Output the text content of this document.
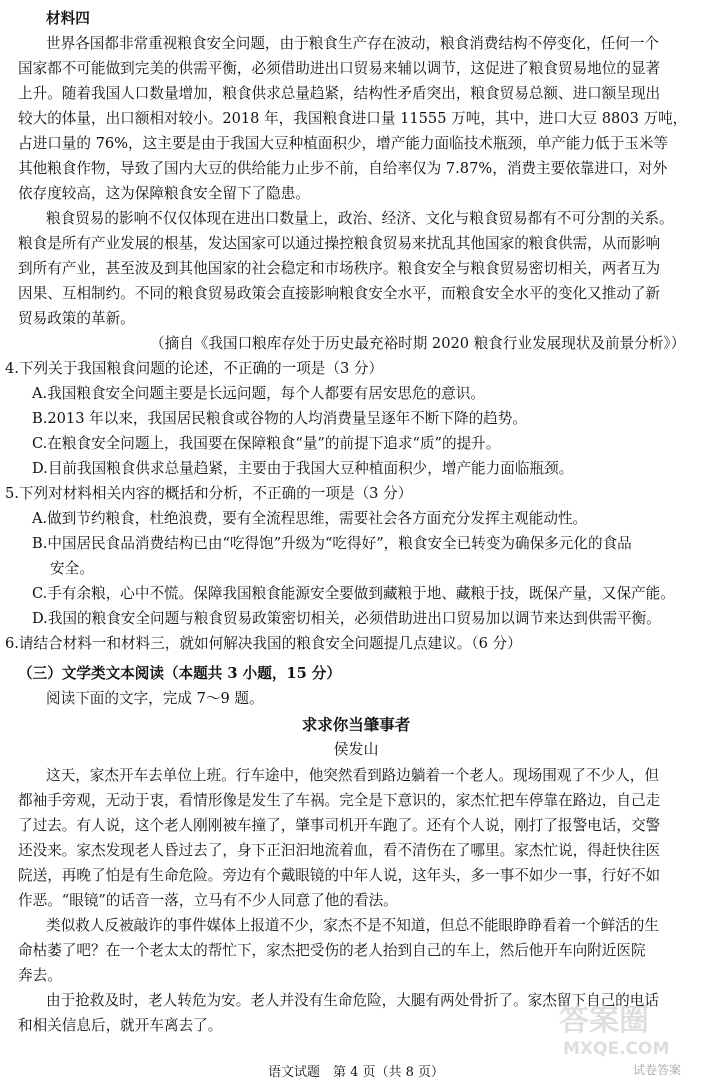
材料四

世界各国都非常重视粮食安全问题，由于粮食生产存在波动，粮食消费结构不停变化，任何一个

国家都不可能做到完美的供需平衡，必须借助进出口贸易来辅以调节，这促进了粮食贸易地位的显著

上升。随着我国人口数量增加，粮食供求总量趋紧，结构性矛盾突出，粮食贸易总额、进口额呈现出

较大的体量，出口额相对较小。2018 年，我国粮食进口量 11555 万吨，其中，进口大豆 8803 万吨，

占进口量的 76%，这主要是由于我国大豆种植面积少，增产能力面临技术瓶颈，单产能力低于玉米等

其他粮食作物，导致了国内大豆的供给能力止步不前，自给率仅为 7.87%，消费主要依靠进口，对外

依存度较高，这为保障粮食安全留下了隐患。

粮食贸易的影响不仅仅体现在进出口数量上，政治、经济、文化与粮食贸易都有不可分割的关系。

粮食是所有产业发展的根基，发达国家可以通过操控粮食贸易来扰乱其他国家的粮食供需，从而影响

到所有产业，甚至波及到其他国家的社会稳定和市场秩序。粮食安全与粮食贸易密切相关，两者互为

因果、互相制约。不同的粮食贸易政策会直接影响粮食安全水平，而粮食安全水平的变化又推动了新

贸易政策的革新。

（摘自《我国口粮库存处于历史最充裕时期 2020 粮食行业发展现状及前景分析》）

4.下列关于我国粮食问题的论述，不正确的一项是（3 分）

A.我国粮食安全问题主要是长远问题，每个人都要有居安思危的意识。

B.2013 年以来，我国居民粮食或谷物的人均消费量呈逐年不断下降的趋势。

C.在粮食安全问题上，我国要在保障粮食“量”的前提下追求“质”的提升。

D.目前我国粮食供求总量趋紧，主要由于我国大豆种植面积少，增产能力面临瓶颈。

5.下列对材料相关内容的概括和分析，不正确的一项是（3 分）

A.做到节约粮食，杜绝浪费，要有全流程思维，需要社会各方面充分发挥主观能动性。

B.中国居民食品消费结构已由“吃得饱”升级为“吃得好”，粮食安全已转变为确保多元化的食品

安全。

C.手有余粮，心中不慌。保障我国粮食能源安全要做到藏粮于地、藏粮于技，既保产量，又保产能。

D.我国的粮食安全问题与粮食贸易政策密切相关，必须借助进出口贸易加以调节来达到供需平衡。

6.请结合材料一和材料三，就如何解决我国的粮食安全问题提几点建议。（6 分）

（三）文学类文本阅读（本题共 3 小题，15 分）

阅读下面的文字，完成 7～9 题。

求求你当肇事者

侯发山

这天，家杰开车去单位上班。行车途中，他突然看到路边躺着一个老人。现场围观了不少人，但

都袖手旁观，无动于衷，看情形像是发生了车祸。完全是下意识的，家杰忙把车停靠在路边，自己走

了过去。有人说，这个老人刚刚被车撞了，肇事司机开车跑了。还有个人说，刚打了报警电话，交警

还没来。家杰发现老人昏过去了，身下正汩汩地流着血，看不清伤在了哪里。家杰忙说，得赶快往医

院送，再晚了怕是有生命危险。旁边有个戴眼镜的中年人说，这年头，多一事不如少一事，行好不如

作恶。“眼镜”的话音一落，立马有不少人同意了他的看法。

类似救人反被敲诈的事件媒体上报道不少，家杰不是不知道，但总不能眼睁睁看着一个鲜活的生

命枯萎了吧？在一个老太太的帮忙下，家杰把受伤的老人抬到自己的车上，然后他开车向附近医院

奔去。

由于抢救及时，老人转危为安。老人并没有生命危险，大腿有两处骨折了。家杰留下自己的电话

和相关信息后，就开车离去了。

语文试题　第 4 页（共 8 页）

答案圈
MXQE.COM
试卷答案
